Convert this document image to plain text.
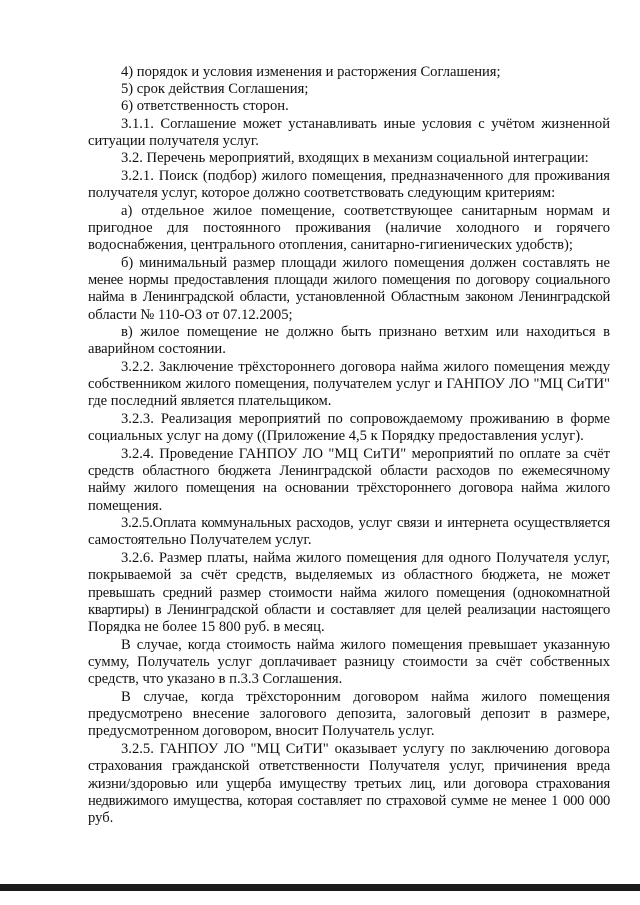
4) порядок и условия изменения и расторжения Соглашения;
5) срок действия Соглашения;
6) ответственность сторон.
3.1.1. Соглашение может устанавливать иные условия с учётом жизненной
ситуации получателя услуг.
3.2. Перечень мероприятий, входящих в механизм социальной интеграции:
3.2.1. Поиск (подбор) жилого помещения, предназначенного для проживания
получателя услуг, которое должно соответствовать следующим критериям:
а) отдельное жилое помещение, соответствующее санитарным нормам и
пригодное для постоянного проживания (наличие холодного и горячего
водоснабжения, центрального отопления, санитарно-гигиенических удобств);
б) минимальный размер площади жилого помещения должен составлять не
менее нормы предоставления площади жилого помещения по договору социального
найма в Ленинградской области, установленной Областным законом Ленинградской
области № 110-ОЗ от 07.12.2005;
в) жилое помещение не должно быть признано ветхим или находиться в
аварийном состоянии.
3.2.2. Заключение трёхстороннего договора найма жилого помещения между
собственником жилого помещения, получателем услуг и ГАНПОУ ЛО "МЦ СиТИ"
где последний является плательщиком.
3.2.3. Реализация мероприятий по сопровождаемому проживанию в форме
социальных услуг на дому ((Приложение 4,5 к Порядку предоставления услуг).
3.2.4. Проведение ГАНПОУ ЛО "МЦ СиТИ" мероприятий по оплате за счёт
средств областного бюджета Ленинградской области расходов по ежемесячному
найму жилого помещения на основании трёхстороннего договора найма жилого
помещения.
3.2.5.Оплата коммунальных расходов, услуг связи и интернета осуществляется
самостоятельно Получателем услуг.
3.2.6. Размер платы, найма жилого помещения для одного Получателя услуг,
покрываемой за счёт средств, выделяемых из областного бюджета, не может
превышать средний размер стоимости найма жилого помещения (однокомнатной
квартиры) в Ленинградской области и составляет для целей реализации настоящего
Порядка не более 15 800 руб. в месяц.
В случае, когда стоимость найма жилого помещения превышает указанную
сумму, Получатель услуг доплачивает разницу стоимости за счёт собственных
средств, что указано в п.3.3 Соглашения.
В случае, когда трёхсторонним договором найма жилого помещения
предусмотрено внесение залогового депозита, залоговый депозит в размере,
предусмотренном договором, вносит Получатель услуг.
3.2.5. ГАНПОУ ЛО "МЦ СиТИ" оказывает услугу по заключению договора
страхования гражданской ответственности Получателя услуг, причинения вреда
жизни/здоровью или ущерба имуществу третьих лиц, или договора страхования
недвижимого имущества, которая составляет по страховой сумме не менее 1 000 000
руб.
